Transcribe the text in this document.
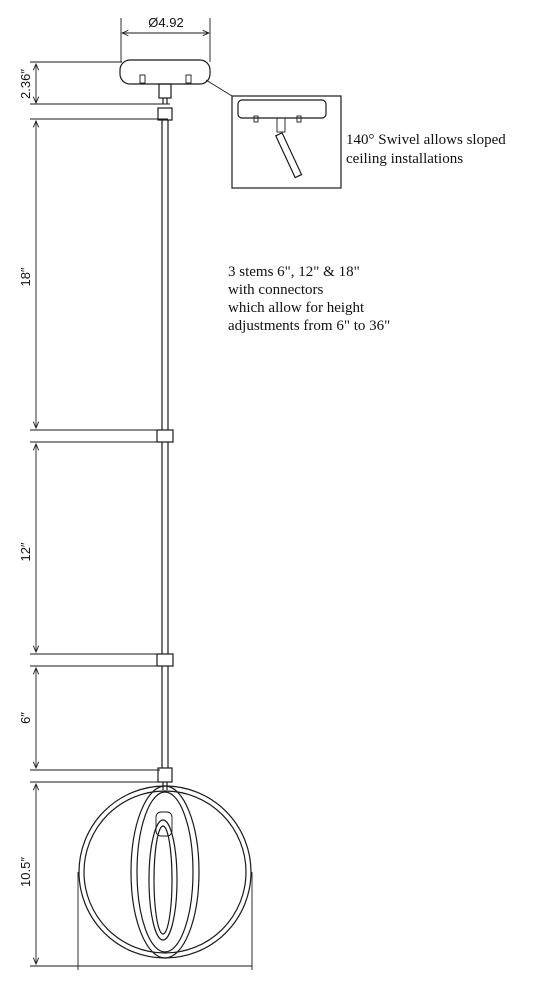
Ø4.92
2.36″
140° Swivel allows sloped
ceiling installations
18″
12″
6″
3 stems 6", 12" & 18"
with connectors
which allow for height
adjustments from 6" to 36"
10.5″
